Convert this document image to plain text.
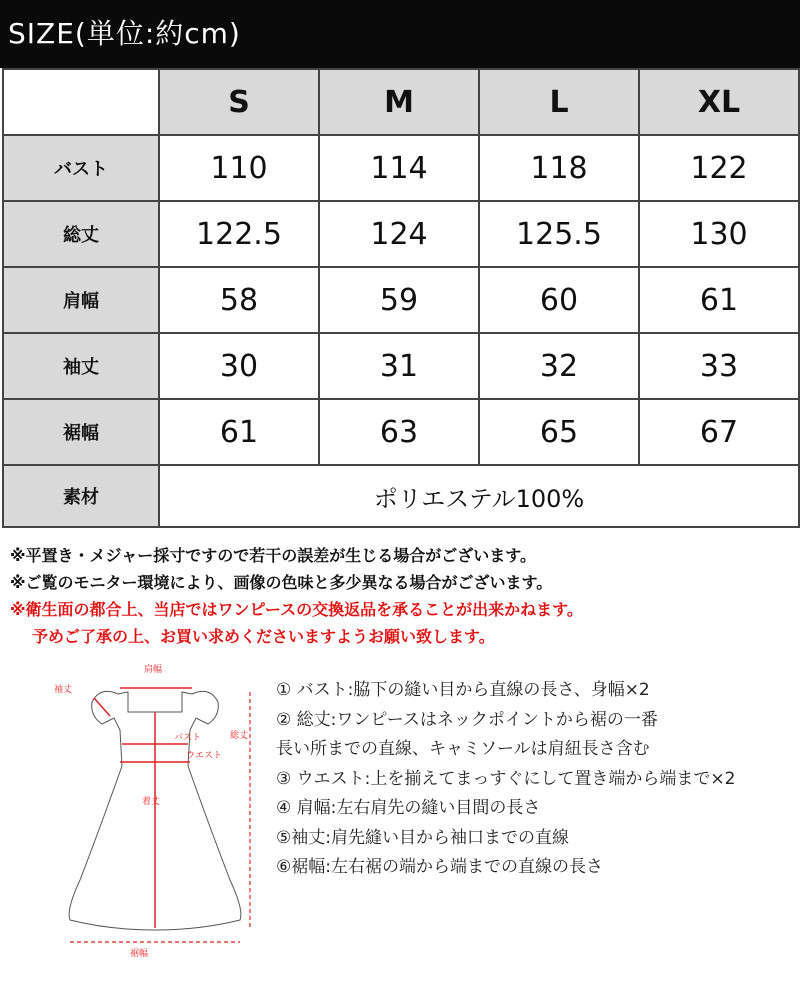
SIZE(単位:約cm)
	S	M	L	XL
バスト	110	114	118	122
総丈	122.5	124	125.5	130
肩幅	58	59	60	61
袖丈	30	31	32	33
裾幅	61	63	65	67
素材	ポリエステル100%			
※平置き・メジャー採寸ですので若干の誤差が生じる場合がございます。
※ご覧のモニター環境により、画像の色味と多少異なる場合がございます。
※衛生面の都合上、当店ではワンピースの交換返品を承ることが出来かねます。
予めご了承の上、お買い求めくださいますようお願い致します。
肩幅
袖丈
バスト
ウエスト
着丈
総丈
裾幅
① バスト:脇下の縫い目から直線の長さ、身幅×2
② 総丈:ワンピースはネックポイントから裾の一番
長い所までの直線、キャミソールは肩紐長さ含む
③ ウエスト:上を揃えてまっすぐにして置き端から端まで×2
④ 肩幅:左右肩先の縫い目間の長さ
⑤袖丈:肩先縫い目から袖口までの直線
⑥裾幅:左右裾の端から端までの直線の長さ
